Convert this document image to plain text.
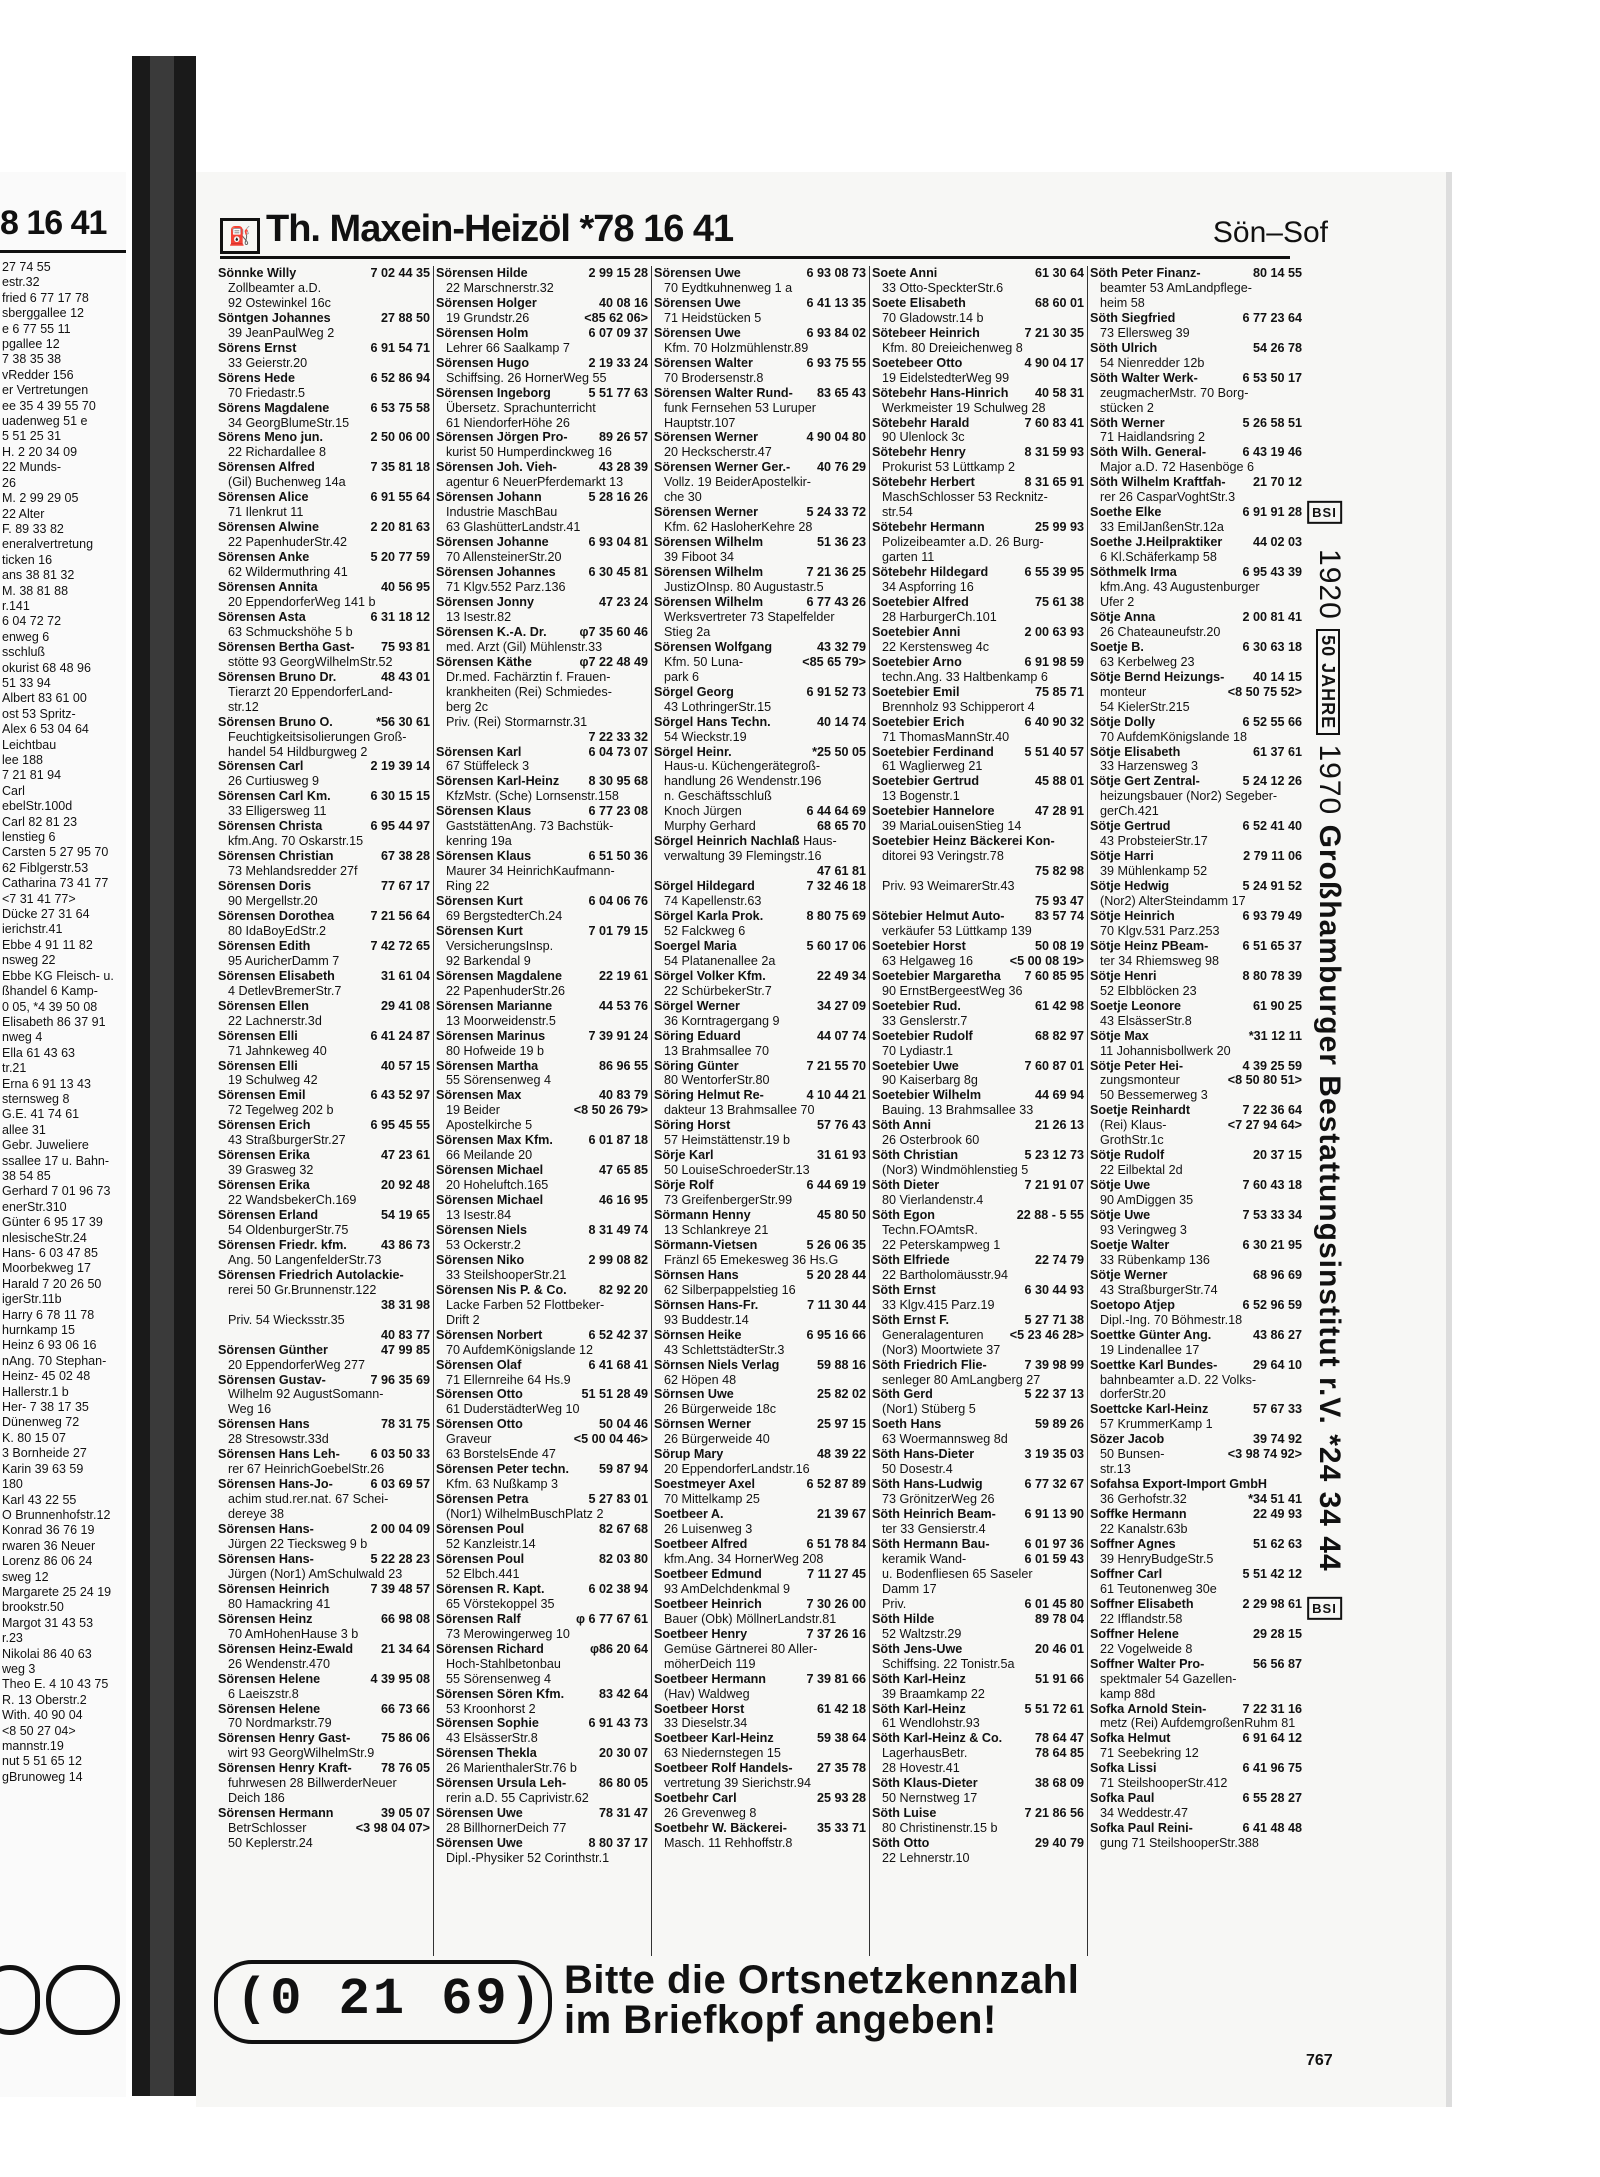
8 16 41
27 74 55
estr.32
fried 6 77 17 78
sberggallee 12
e 6 77 55 11
pgallee 12
7 38 35 38
vRedder 156
er Vertretungen
ee 35 4 39 55 70
uadenweg 51 e
5 51 25 31
H. 2 20 34 09
22 Munds-
26
M. 2 99 29 05
22 Alter
F. 89 33 82
eneralvertretung
ticken 16
ans 38 81 32
M. 38 81 88
r.141
6 04 72 72
enweg 6
sschluß
okurist 68 48 96
51 33 94
Albert 83 61 00
ost 53 Spritz-
Alex 6 53 04 64
Leichtbau
lee 188
7 21 81 94
Carl
ebelStr.100d
Carl 82 81 23
lenstieg 6
Carsten 5 27 95 70
62 Fiblgerstr.53
Catharina 73 41 77
<7 31 41 77>
Dücke 27 31 64
ierichstr.41
Ebbe 4 91 11 82
nsweg 22
Ebbe KG Fleisch- u.
ßhandel 6 Kamp-
0 05, *4 39 50 08
Elisabeth 86 37 91
nweg 4
Ella 61 43 63
tr.21
Erna 6 91 13 43
sternsweg 8
G.E. 41 74 61
allee 31
Gebr. Juweliere
ssallee 17 u. Bahn-
38 54 85
Gerhard 7 01 96 73
enerStr.310
Günter 6 95 17 39
nlesischeStr.24
Hans- 6 03 47 85
Moorbekweg 17
Harald 7 20 26 50
igerStr.11b
Harry 6 78 11 78
hurnkamp 15
Heinz 6 93 06 16
nAng. 70 Stephan-
Heinz- 45 02 48
Hallerstr.1 b
Her- 7 38 17 35
Dünenweg 72
K. 80 15 07
3 Bornheide 27
Karin 39 63 59
180
Karl 43 22 55
O Brunnenhofstr.12
Konrad 36 76 19
rwaren 36 Neuer
Lorenz 86 06 24
sweg 12
Margarete 25 24 19
brookstr.50
Margot 31 43 53
r.23
Nikolai 86 40 63
weg 3
Theo E. 4 10 43 75
R. 13 Oberstr.2
With. 40 90 04
<8 50 27 04>
mannstr.19
nut 5 51 65 12
gBrunoweg 14
⛽ Th. Maxein-Heizöl *78 16 41	Sön–Sof
Sönnke Willy	7 02 44 35
Zollbeamter a.D.
92 Ostewinkel 16c
Söntgen Johannes	27 88 50
39 JeanPaulWeg 2
Sörens Ernst	6 91 54 71
33 Geierstr.20
Sörens Hede	6 52 86 94
70 Friedastr.5
Sörens Magdalene	6 53 75 58
34 GeorgBlumeStr.15
Sörens Meno jun.	2 50 06 00
22 Richardallee 8
Sörensen Alfred	7 35 81 18
(Gil) Buchenweg 14a
Sörensen Alice	6 91 55 64
71 Ilenkrut 11
Sörensen Alwine	2 20 81 63
22 PapenhuderStr.42
Sörensen Anke	5 20 77 59
62 Wildermuthring 41
Sörensen Annita	40 56 95
20 EppendorferWeg 141 b
Sörensen Asta	6 31 18 12
63 Schmuckshöhe 5 b
Sörensen Bertha Gast- 75 93 81
stötte 93 GeorgWilhelmStr.52
Sörensen Bruno Dr.	48 43 01
Tierarzt 20 EppendorferLand-
str.12
Sörensen Bruno O.	*56 30 61
Feuchtigkeitsisolierungen Groß-
handel 54 Hildburgweg 2
Sörensen Carl	2 19 39 14
26 Curtiusweg 9
Sörensen Carl Km.	6 30 15 15
33 Elligersweg 11
Sörensen Christa	6 95 44 97
kfm.Ang. 70 Oskarstr.15
Sörensen Christian	67 38 28
73 Mehlandsredder 27f
Sörensen Doris	77 67 17
90 Mergellstr.20
Sörensen Dorothea	7 21 56 64
80 IdaBoyEdStr.2
Sörensen Edith	7 42 72 65
95 AuricherDamm 7
Sörensen Elisabeth	31 61 04
4 DetlevBremerStr.7
Sörensen Ellen	29 41 08
22 Lachnerstr.3d
Sörensen Elli	6 41 24 87
71 Jahnkeweg 40
Sörensen Elli	40 57 15
19 Schulweg 42
Sörensen Emil	6 43 52 97
72 Tegelweg 202 b
Sörensen Erich	6 95 45 55
43 StraßburgerStr.27
Sörensen Erika	47 23 61
39 Grasweg 32
Sörensen Erika	20 92 48
22 WandsbekerCh.169
Sörensen Erland	54 19 65
54 OldenburgerStr.75
Sörensen Friedr. kfm.	43 86 73
Ang. 50 LangenfelderStr.73
Sörensen Friedrich Autolackie-
rerei 50 Gr.Brunnenstr.122
38 31 98
Priv. 54 Wiecksstr.35
40 83 77
Sörensen Günther	47 99 85
20 EppendorferWeg 277
Sörensen Gustav-	7 96 35 69
Wilhelm 92 AugustSomann-
Weg 16
Sörensen Hans	78 31 75
28 Stresowstr.33d
Sörensen Hans Leh- 6 03 50 33
rer 67 HeinrichGoebelStr.26
Sörensen Hans-Jo-	6 03 69 57
achim stud.rer.nat. 67 Schei-
dereye 38
Sörensen Hans-	2 00 04 09
Jürgen 22 Tiecksweg 9 b
Sörensen Hans-	5 22 28 23
Jürgen (Nor1) AmSchulwald 23
Sörensen Heinrich	7 39 48 57
80 Hamackring 41
Sörensen Heinz	66 98 08
70 AmHohenHause 3 b
Sörensen Heinz-Ewald 21 34 64
26 Wendenstr.470
Sörensen Helene	4 39 95 08
6 Laeiszstr.8
Sörensen Helene	66 73 66
70 Nordmarkstr.79
Sörensen Henry Gast- 75 86 06
wirt 93 GeorgWilhelmStr.9
Sörensen Henry Kraft- 78 76 05
fuhrwesen 28 BillwerderNeuer
Deich 186
Sörensen Hermann	39 05 07
BetrSchlosser	<3 98 04 07>
50 Keplerstr.24
Sörensen Hilde	2 99 15 28
22 Marschnerstr.32
Sörensen Holger	40 08 16
19 Grundstr.26	<85 62 06>
Sörensen Holm	6 07 09 37
Lehrer 66 Saalkamp 7
Sörensen Hugo	2 19 33 24
Schiffsing. 26 HornerWeg 55
Sörensen Ingeborg	5 51 77 63
Übersetz. Sprachunterricht
61 NiendorferHöhe 26
Sörensen Jörgen Pro- 89 26 57
kurist 50 Humperdinckweg 16
Sörensen Joh. Vieh-	43 28 39
agentur 6 NeuerPferdemarkt 13
Sörensen Johann	5 28 16 26
Industrie MaschBau
63 GlashütterLandstr.41
Sörensen Johanne	6 93 04 81
70 AllensteinerStr.20
Sörensen Johannes	6 30 45 81
71 Klgv.552 Parz.136
Sörensen Jonny	47 23 24
13 Isestr.82
Sörensen K.-A. Dr.	φ7 35 60 46
med. Arzt (Gil) Mühlenstr.33
Sörensen Käthe	φ7 22 48 49
Dr.med. Fachärztin f. Frauen-
krankheiten (Rei) Schmiedes-
berg 2c
Priv. (Rei) Stormarnstr.31
7 22 33 32
Sörensen Karl	6 04 73 07
67 Stüffeleck 3
Sörensen Karl-Heinz 8 30 95 68
KfzMstr. (Sche) Lornsenstr.158
Sörensen Klaus	6 77 23 08
GaststättenAng. 73 Bachstük-
kenring 19a
Sörensen Klaus	6 51 50 36
Maurer 34 HeinrichKaufmann-
Ring 22
Sörensen Kurt	6 04 06 76
69 BergstedterCh.24
Sörensen Kurt	7 01 79 15
VersicherungsInsp.
92 Barkendal 9
Sörensen Magdalene	22 19 61
22 PapenhuderStr.26
Sörensen Marianne	44 53 76
13 Moorweidenstr.5
Sörensen Marinus	7 39 91 24
80 Hofweide 19 b
Sörensen Martha	86 96 55
55 Sörensenweg 4
Sörensen Max	40 83 79
19 Beider	<8 50 26 79>
Apostelkirche 5
Sörensen Max Kfm.	6 01 87 18
66 Meilande 20
Sörensen Michael	47 65 85
20 Hoheluftch.165
Sörensen Michael	46 16 95
13 Isestr.84
Sörensen Niels	8 31 49 74
53 Ockerstr.2
Sörensen Niko	2 99 08 82
33 SteilshooperStr.21
Sörensen Nis P. & Co.	82 92 20
Lacke Farben 52 Flottbeker-
Drift 2
Sörensen Norbert	6 52 42 37
70 AufdemKönigslande 12
Sörensen Olaf	6 41 68 41
71 Ellernreihe 64 Hs.9
Sörensen Otto	51 51 28 49
61 DuderstädterWeg 10
Sörensen Otto	50 04 46
Graveur	<5 00 04 46>
63 BorstelsEnde 47
Sörensen Peter techn. 59 87 94
Kfm. 63 Nußkamp 3
Sörensen Petra	5 27 83 01
(Nor1) WilhelmBuschPlatz 2
Sörensen Poul	82 67 68
52 Kanzleistr.14
Sörensen Poul	82 03 80
52 Elbch.441
Sörensen R. Kapt.	6 02 38 94
65 Vörstekoppel 35
Sörensen Ralf	φ 6 77 67 61
73 Merowingerweg 10
Sörensen Richard	φ86 20 64
Hoch-Stahlbetonbau
55 Sörensenweg 4
Sörensen Sören Kfm.	83 42 64
53 Kroonhorst 2
Sörensen Sophie	6 91 43 73
43 ElsässerStr.8
Sörensen Thekla	20 30 07
26 MarienthalerStr.76 b
Sörensen Ursula Leh-	86 80 05
rerin a.D. 55 Caprivistr.62
Sörensen Uwe	78 31 47
28 BillhornerDeich 77
Sörensen Uwe	8 80 37 17
Dipl.-Physiker 52 Corinthstr.1
Sörensen Uwe	6 93 08 73
70 Eydtkuhnenweg 1 a
Sörensen Uwe	6 41 13 35
71 Heidstücken 5
Sörensen Uwe	6 93 84 02
Kfm. 70 Holzmühlenstr.89
Sörensen Walter	6 93 75 55
70 Brodersenstr.8
Sörensen Walter Rund- 83 65 43
funk Fernsehen 53 Luruper
Hauptstr.107
Sörensen Werner	4 90 04 80
20 Heckscherstr.47
Sörensen Werner Ger.- 40 76 29
Vollz. 19 BeiderApostelkir-
che 30
Sörensen Werner	5 24 33 72
Kfm. 62 HasloherKehre 28
Sörensen Wilhelm	51 36 23
39 Fiboot 34
Sörensen Wilhelm	7 21 36 25
JustizOInsp. 80 Augustastr.5
Sörensen Wilhelm	6 77 43 26
Werksvertreter 73 Stapelfelder
Stieg 2a
Sörensen Wolfgang	43 32 79
Kfm. 50 Luna-	<85 65 79>
park 6
Sörgel Georg	6 91 52 73
43 LothringerStr.15
Sörgel Hans Techn.	40 14 74
54 Wieckstr.19
Sörgel Heinr.	*25 50 05
Haus-u. Küchengerätegroß-
handlung 26 Wendenstr.196
n. Geschäftsschluß
Knoch Jürgen	6 44 64 69
Murphy Gerhard	68 65 70
Sörgel Heinrich Nachlaß Haus-
verwaltung 39 Flemingstr.16
47 61 81
Sörgel Hildegard	7 32 46 18
74 Kapellenstr.63
Sörgel Karla Prok.	8 80 75 69
52 Falckweg 6
Soergel Maria	5 60 17 06
54 Platanenallee 2a
Sörgel Volker Kfm.	22 49 34
22 SchürbekerStr.7
Sörgel Werner	34 27 09
36 Korntragergang 9
Söring Eduard	44 07 74
13 Brahmsallee 70
Söring Günter	7 21 55 70
80 WentorferStr.80
Söring Helmut Re-	4 10 44 21
dakteur 13 Brahmsallee 70
Söring Horst	57 76 43
57 Heimstättenstr.19 b
Sörje Karl	31 61 93
50 LouiseSchroederStr.13
Sörje Rolf	6 44 69 19
73 GreifenbergerStr.99
Sörmann Henny	45 80 50
13 Schlankreye 21
Sörmann-Vietsen	5 26 06 35
Fränzl 65 Emekesweg 36 Hs.G
Sörnsen Hans	5 20 28 44
62 Silberpappelstieg 16
Sörnsen Hans-Fr.	7 11 30 44
93 Buddestr.14
Sörnsen Heike	6 95 16 66
43 SchlettstädterStr.3
Sörnsen Niels Verlag	59 88 16
62 Höpen 48
Sörnsen Uwe	25 82 02
26 Bürgerweide 18c
Sörnsen Werner	25 97 15
26 Bürgerweide 40
Sörup Mary	48 39 22
20 EppendorferLandstr.16
Soestmeyer Axel	6 52 87 89
70 Mittelkamp 25
Soetbeer A.	21 39 67
26 Luisenweg 3
Soetbeer Alfred	6 51 78 84
kfm.Ang. 34 HornerWeg 208
Soetbeer Edmund	7 11 27 45
93 AmDelchdenkmal 9
Soetbeer Heinrich	7 30 26 00
Bauer (Obk) MöllnerLandstr.81
Soetbeer Henry	7 37 26 16
Gemüse Gärtnerei 80 Aller-
möherDeich 119
Soetbeer Hermann	7 39 81 66
(Hav) Waldweg
Soetbeer Horst	61 42 18
33 Dieselstr.34
Soetbeer Karl-Heinz	59 38 64
63 Niedernstegen 15
Soetbeer Rolf Handels- 27 35 78
vertretung 39 Sierichstr.94
Soetbehr Carl	25 93 28
26 Grevenweg 8
Soetbehr W. Bäckerei- 35 33 71
Masch. 11 Rehhoffstr.8
Soete Anni	61 30 64
33 Otto-SpeckterStr.6
Soete Elisabeth	68 60 01
70 Gladowstr.14 b
Sötebeer Heinrich	7 21 30 35
Kfm. 80 Dreieichenweg 8
Soetebeer Otto	4 90 04 17
19 EidelstedterWeg 99
Sötebehr Hans-Hinrich 40 58 31
Werkmeister 19 Schulweg 28
Sötebehr Harald	7 60 83 41
90 Ulenlock 3c
Sötebehr Henry	8 31 59 93
Prokurist 53 Lüttkamp 2
Sötebehr Herbert	8 31 65 91
MaschSchlosser 53 Recknitz-
str.54
Sötebehr Hermann	25 99 93
Polizeibeamter a.D. 26 Burg-
garten 11
Sötebehr Hildegard	6 55 39 95
34 Aspforring 16
Soetebier Alfred	75 61 38
28 HarburgerCh.101
Soetebier Anni	2 00 63 93
22 Kerstensweg 4c
Soetebier Arno	6 91 98 59
techn.Ang. 33 Haltbenkamp 6
Soetebier Emil	75 85 71
Brennholz 93 Schipperort 4
Soetebier Erich	6 40 90 32
71 ThomasMannStr.40
Soetebier Ferdinand 5 51 40 57
61 Waglierweg 21
Soetebier Gertrud	45 88 01
13 Bogenstr.1
Soetebier Hannelore	47 28 91
39 MariaLouisenStieg 14
Soetebier Heinz Bäckerei Kon-
ditorei 93 Veringstr.78
75 82 98
Priv. 93 WeimarerStr.43
75 93 47
Sötebier Helmut Auto- 83 57 74
verkäufer 53 Lüttkamp 139
Soetebier Horst	50 08 19
63 Helgaweg 16	<5 00 08 19>
Soetebier Margaretha 7 60 85 95
90 ErnstBergeestWeg 36
Soetebier Rud.	61 42 98
33 Genslerstr.7
Soetebier Rudolf	68 82 97
70 Lydiastr.1
Soetebier Uwe	7 60 87 01
90 Kaiserbarg 8g
Soetebier Wilhelm	44 69 94
Bauing. 13 Brahmsallee 33
Söth Anni	21 26 13
26 Osterbrook 60
Söth Christian	5 23 12 73
(Nor3) Windmöhlenstieg 5
Söth Dieter	7 21 91 07
80 Vierlandenstr.4
Söth Egon	22 88 - 5 55
Techn.FOAmtsR.
22 Peterskampweg 1
Söth Elfriede	22 74 79
22 Bartholomäusstr.94
Söth Ernst	6 30 44 93
33 Klgv.415 Parz.19
Söth Ernst F.	5 27 71 38
Generalagenturen <5 23 46 28>
(Nor3) Moortwiete 37
Söth Friedrich Flie-	7 39 98 99
senleger 80 AmLangberg 27
Söth Gerd	5 22 37 13
(Nor1) Stüberg 5
Soeth Hans	59 89 26
63 Woermannsweg 8d
Söth Hans-Dieter	3 19 35 03
50 Dosestr.4
Söth Hans-Ludwig	6 77 32 67
73 GrönitzerWeg 26
Söth Heinrich Beam- 6 91 13 90
ter 33 Gensierstr.4
Söth Hermann Bau-	6 01 97 36
keramik Wand-	6 01 59 43
u. Bodenfliesen 65 Saseler
Damm 17
Priv.	6 01 45 80
Söth Hilde	89 78 04
52 Waltzstr.29
Söth Jens-Uwe	20 46 01
Schiffsing. 22 Tonistr.5a
Söth Karl-Heinz	51 91 66
39 Braamkamp 22
Söth Karl-Heinz	5 51 72 61
61 Wendlohstr.93
Söth Karl-Heinz & Co.	78 64 47
LagerhausBetr.	78 64 85
28 Hovestr.41
Söth Klaus-Dieter	38 68 09
50 Nernstweg 17
Söth Luise	7 21 86 56
80 Christinenstr.15 b
Söth Otto	29 40 79
22 Lehnerstr.10
Söth Peter Finanz-	80 14 55
beamter 53 AmLandpflege-
heim 58
Söth Siegfried	6 77 23 64
73 Ellersweg 39
Söth Ulrich	54 26 78
54 Nienredder 12b
Söth Walter Werk-	6 53 50 17
zeugmacherMstr. 70 Borg-
stücken 2
Söth Werner	5 26 58 51
71 Haidlandsring 2
Söth Wilh. General-	6 43 19 46
Major a.D. 72 Hasenböge 6
Söth Wilhelm Kraftfah- 21 70 12
rer 26 CasparVoghtStr.3
Soethe Elke	6 91 91 28
33 EmilJanßenStr.12a
Soethe J.Heilpraktiker 44 02 03
6 Kl.Schäferkamp 58
Söthmelk Irma	6 95 43 39
kfm.Ang. 43 Augustenburger
Ufer 2
Sötje Anna	2 00 81 41
26 Chateauneufstr.20
Soetje B.	6 30 63 18
63 Kerbelweg 23
Sötje Bernd Heizungs- 40 14 15
monteur	<8 50 75 52>
54 KielerStr.215
Sötje Dolly	6 52 55 66
70 AufdemKönigslande 18
Sötje Elisabeth	61 37 61
33 Harzensweg 3
Sötje Gert Zentral-	5 24 12 26
heizungsbauer (Nor2) Segeber-
gerCh.421
Sötje Gertrud	6 52 41 40
43 ProbsteierStr.17
Sötje Harri	2 79 11 06
39 Mühlenkamp 52
Sötje Hedwig	5 24 91 52
(Nor2) AlterSteindamm 17
Sötje Heinrich	6 93 79 49
70 Klgv.531 Parz.253
Sötje Heinz PBeam-	6 51 65 37
ter 34 Rhiemsweg 98
Sötje Henri	8 80 78 39
52 Elbblöcken 23
Soetje Leonore	61 90 25
43 ElsässerStr.8
Sötje Max	*31 12 11
11 Johannisbollwerk 20
Sötje Peter Hei-	4 39 25 59
zungsmonteur	<8 50 80 51>
50 Bessemerweg 3
Soetje Reinhardt	7 22 36 64
(Rei) Klaus-	<7 27 94 64>
GrothStr.1c
Sötje Rudolf	20 37 15
22 Eilbektal 2d
Sötje Uwe	7 60 43 18
90 AmDiggen 35
Sötje Uwe	7 53 33 34
93 Veringweg 3
Soetje Walter	6 30 21 95
33 Rübenkamp 136
Sötje Werner	68 96 69
43 StraßburgerStr.74
Soetopo Atjep	6 52 96 59
Dipl.-Ing. 70 Böhmestr.18
Soettke Günter Ang.	43 86 27
19 Lindenallee 17
Soettke Karl Bundes-	29 64 10
bahnbeamter a.D. 22 Volks-
dorferStr.20
Soettcke Karl-Heinz	57 67 33
57 KrummerKamp 1
Sözer Jacob	39 74 92
50 Bunsen-	<3 98 74 92>
str.13
Sofahsa Export-Import GmbH
36 Gerhofstr.32	*34 51 41
Soffke Hermann	22 49 93
22 Kanalstr.63b
Soffner Agnes	51 62 63
39 HenryBudgeStr.5
Soffner Carl	5 51 42 12
61 Teutonenweg 30e
Soffner Elisabeth	2 29 98 61
22 Ifflandstr.58
Soffner Helene	29 28 15
22 Vogelweide 8
Soffner Walter Pro-	56 56 87
spektmaler 54 Gazellen-
kamp 88d
Sofka Arnold Stein-	7 22 31 16
metz (Rei) AufdemgroßenRuhm 81
Sofka Helmut	6 91 64 12
71 Seebekring 12
Sofka Lissi	6 41 96 75
71 SteilshooperStr.412
Sofka Paul	6 55 28 27
34 Weddestr.47
Sofka Paul Reini-	6 41 48 48
gung 71 SteilshooperStr.388
BSI 1920 50 JAHRE 1970 Großhamburger Bestattungsinstitut r.V. *24 34 44 BSI
(0 21 69) Bitte die Ortsnetzkennzahl
im Briefkopf angeben!
767
